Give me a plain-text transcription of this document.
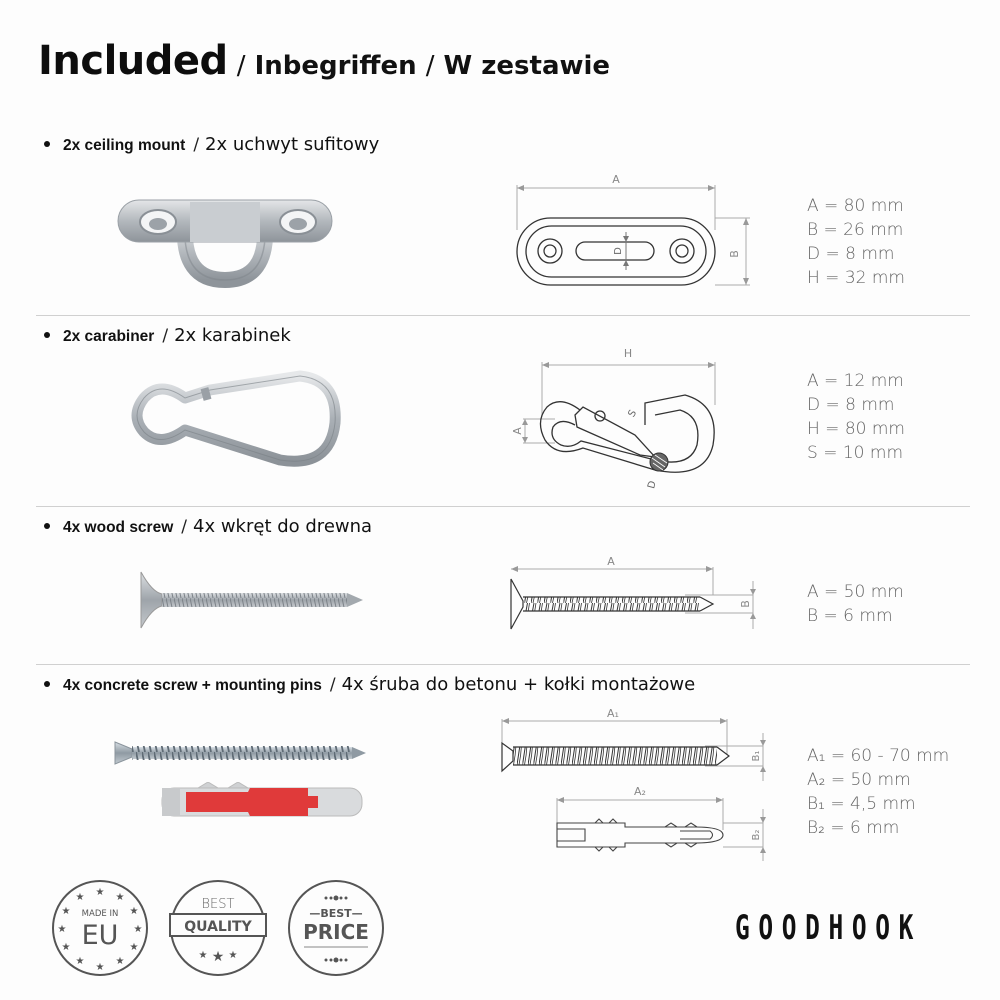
Included / Inbegriffen / W zestawie
2x ceiling mount / 2x uchwyt sufitowy
A
B
D
A = 80 mm
B = 26 mm
D = 8 mm
H = 32 mm
2x carabiner / 2x karabinek
H
A
S
D
A = 12 mm
D = 8 mm
H = 80 mm
S = 10 mm
4x wood screw / 4x wkręt do drewna
A
B
A = 50 mm
B = 6 mm
4x concrete screw + mounting pins / 4x śruba do betonu + kołki montażowe
A₁
B₁
A₂
B₂
A₁ = 60 - 70 mm
A₂ = 50 mm
B₁ = 4,5 mm
B₂ = 6 mm
★
★	★
★	★
★	★
★	★
★	★
★
MADE IN
EU
BEST
QUALITY
★ ★ ★
—BEST—
PRICE	GOODHOOK
